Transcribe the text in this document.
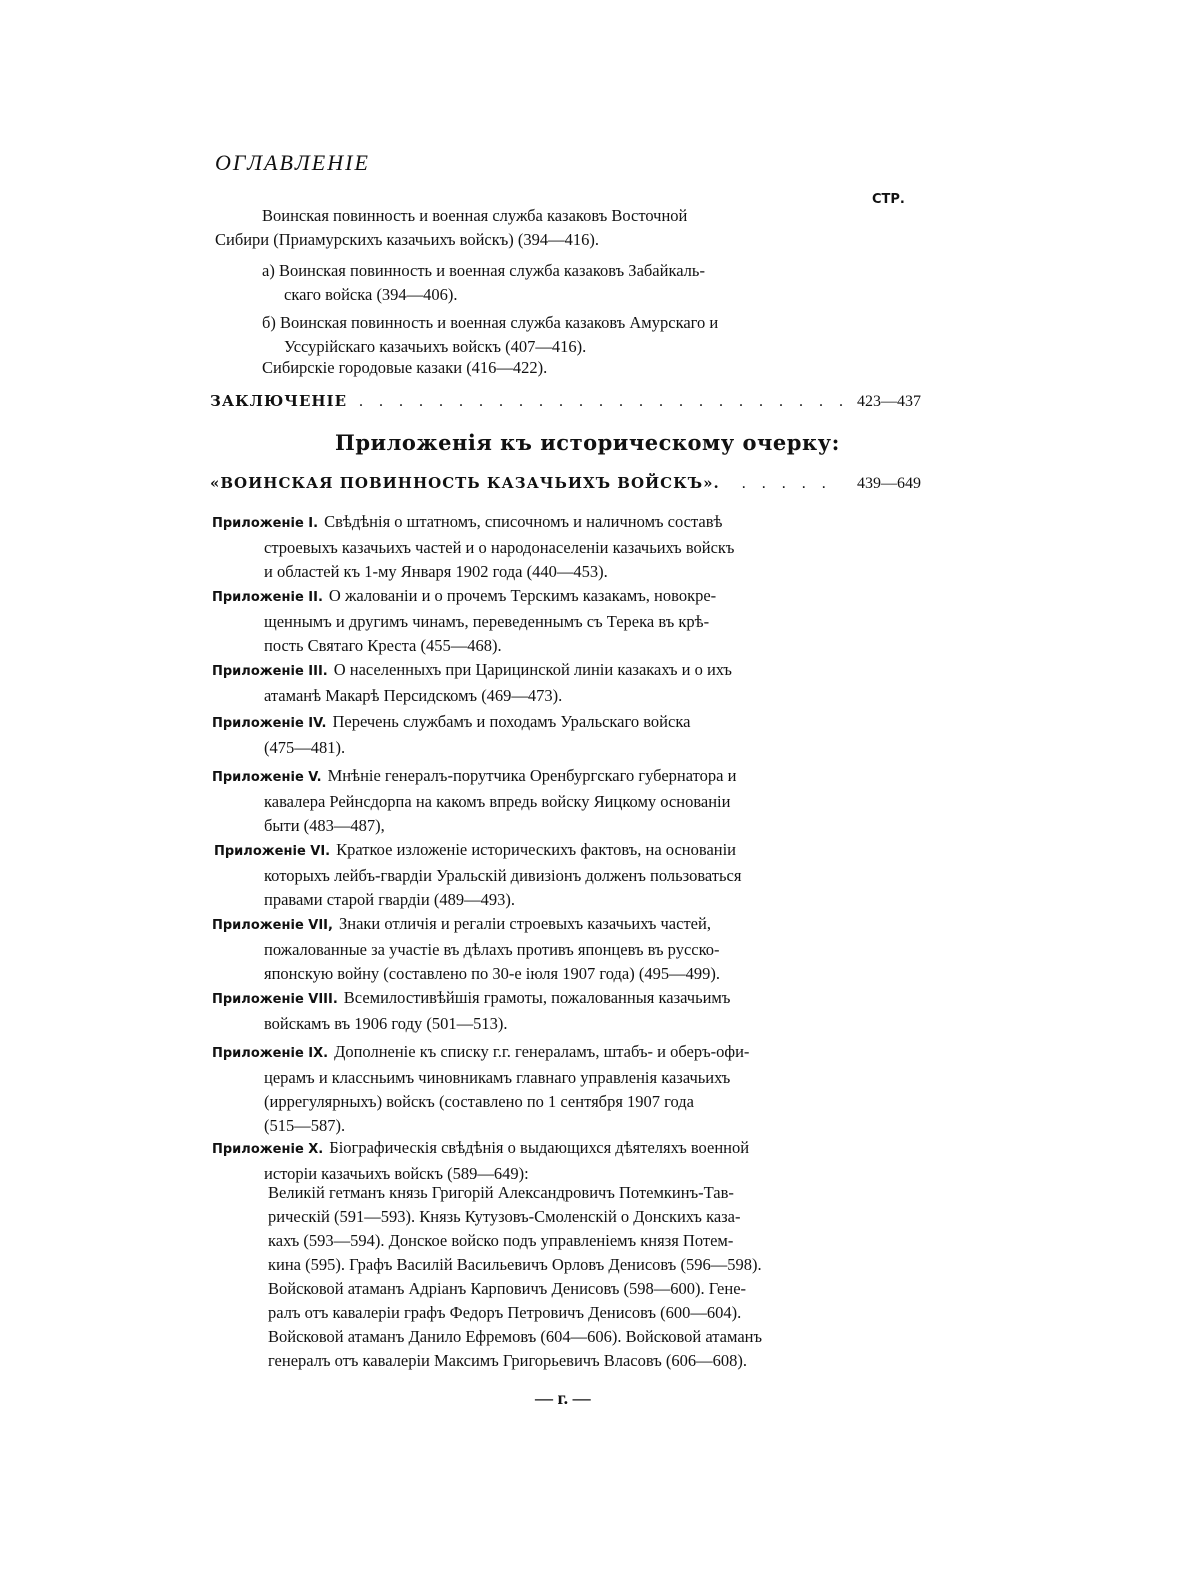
ОГЛАВЛЕНIЕ
СТР.
Воинская повинность и военная служба казаковъ Восточной
Сибири (Приамурскихъ казачьихъ войскъ) (394—416).
а) Воинская повинность и военная служба казаковъ Забайкаль-
скаго войска (394—406).
б) Воинская повинность и военная служба казаковъ Амурскаго и
Уссурiйскаго казачьихъ войскъ (407—416).
Сибирскiе городовые казаки (416—422).
ЗАКЛЮЧЕНIЕ . . . . . . . . . . . . . . . . . . . . . . . . . 423—437
Приложенiя къ историческому очерку:
«ВОИНСКАЯ ПОВИННОСТЬ КАЗАЧЬИХЪ ВОЙСКЪ». . . . . . 439—649
Приложенiе I. Свѣдѣнiя о штатномъ, списочномъ и наличномъ составѣ
строевыхъ казачьихъ частей и о народонаселенiи казачьихъ войскъ
и областей къ 1-му Января 1902 года (440—453).
Приложенiе II. О жалованiи и о прочемъ Терскимъ казакамъ, новокре-
щеннымъ и другимъ чинамъ, переведеннымъ съ Терека въ крѣ-
пость Святаго Креста (455—468).
Приложенiе III. О населенныхъ при Царицинской линiи казакахъ и о ихъ
атаманѣ Макарѣ Персидскомъ (469—473).
Приложенiе IV. Перечень службамъ и походамъ Уральскаго войска
(475—481).
Приложенiе V. Мнѣнiе генералъ-порутчика Оренбургскаго губернатора и
кавалера Рейнсдорпа на какомъ впредь войску Яицкому основанiи
быти (483—487),
Приложенiе VI. Краткое изложенiе историческихъ фактовъ, на основанiи
которыхъ лейбъ-гвардiи Уральскiй дивизiонъ долженъ пользоваться
правами старой гвардiи (489—493).
Приложенiе VII, Знаки отличiя и регалiи строевыхъ казачьихъ частей,
пожалованные за участiе въ дѣлахъ противъ японцевъ въ русско-
японскую войну (составлено по 30-е iюля 1907 года) (495—499).
Приложенiе VIII. Всемилостивѣйшiя грамоты, пожалованныя казачьимъ
войскамъ въ 1906 году (501—513).
Приложенiе IX. Дополненiе къ списку г.г. генераламъ, штабъ- и оберъ-офи-
церамъ и классньимъ чиновникамъ главнаго управленiя казачьихъ
(иррегулярныхъ) войскъ (составлено по 1 сентября 1907 года
(515—587).
Приложенiе X. Бiографическiя свѣдѣнiя о выдающихся дѣятеляхъ военной
исторiи казачьихъ войскъ (589—649):
Великiй гетманъ князь Григорiй Александровичъ Потемкинъ-Тав-
рическiй (591—593). Князь Кутузовъ-Смоленскiй о Донскихъ каза-
кахъ (593—594). Донское войско подъ управленiемъ князя Потем-
кина (595). Графъ Василiй Васильевичъ Орловъ Денисовъ (596—598).
Войсковой атаманъ Адрiанъ Карповичъ Денисовъ (598—600). Гене-
ралъ отъ кавалерiи графъ Федоръ Петровичъ Денисовъ (600—604).
Войсковой атаманъ Данило Ефремовъ (604—606). Войсковой атаманъ
генералъ отъ кавалерiи Максимъ Григорьевичъ Власовъ (606—608).
— г. —
